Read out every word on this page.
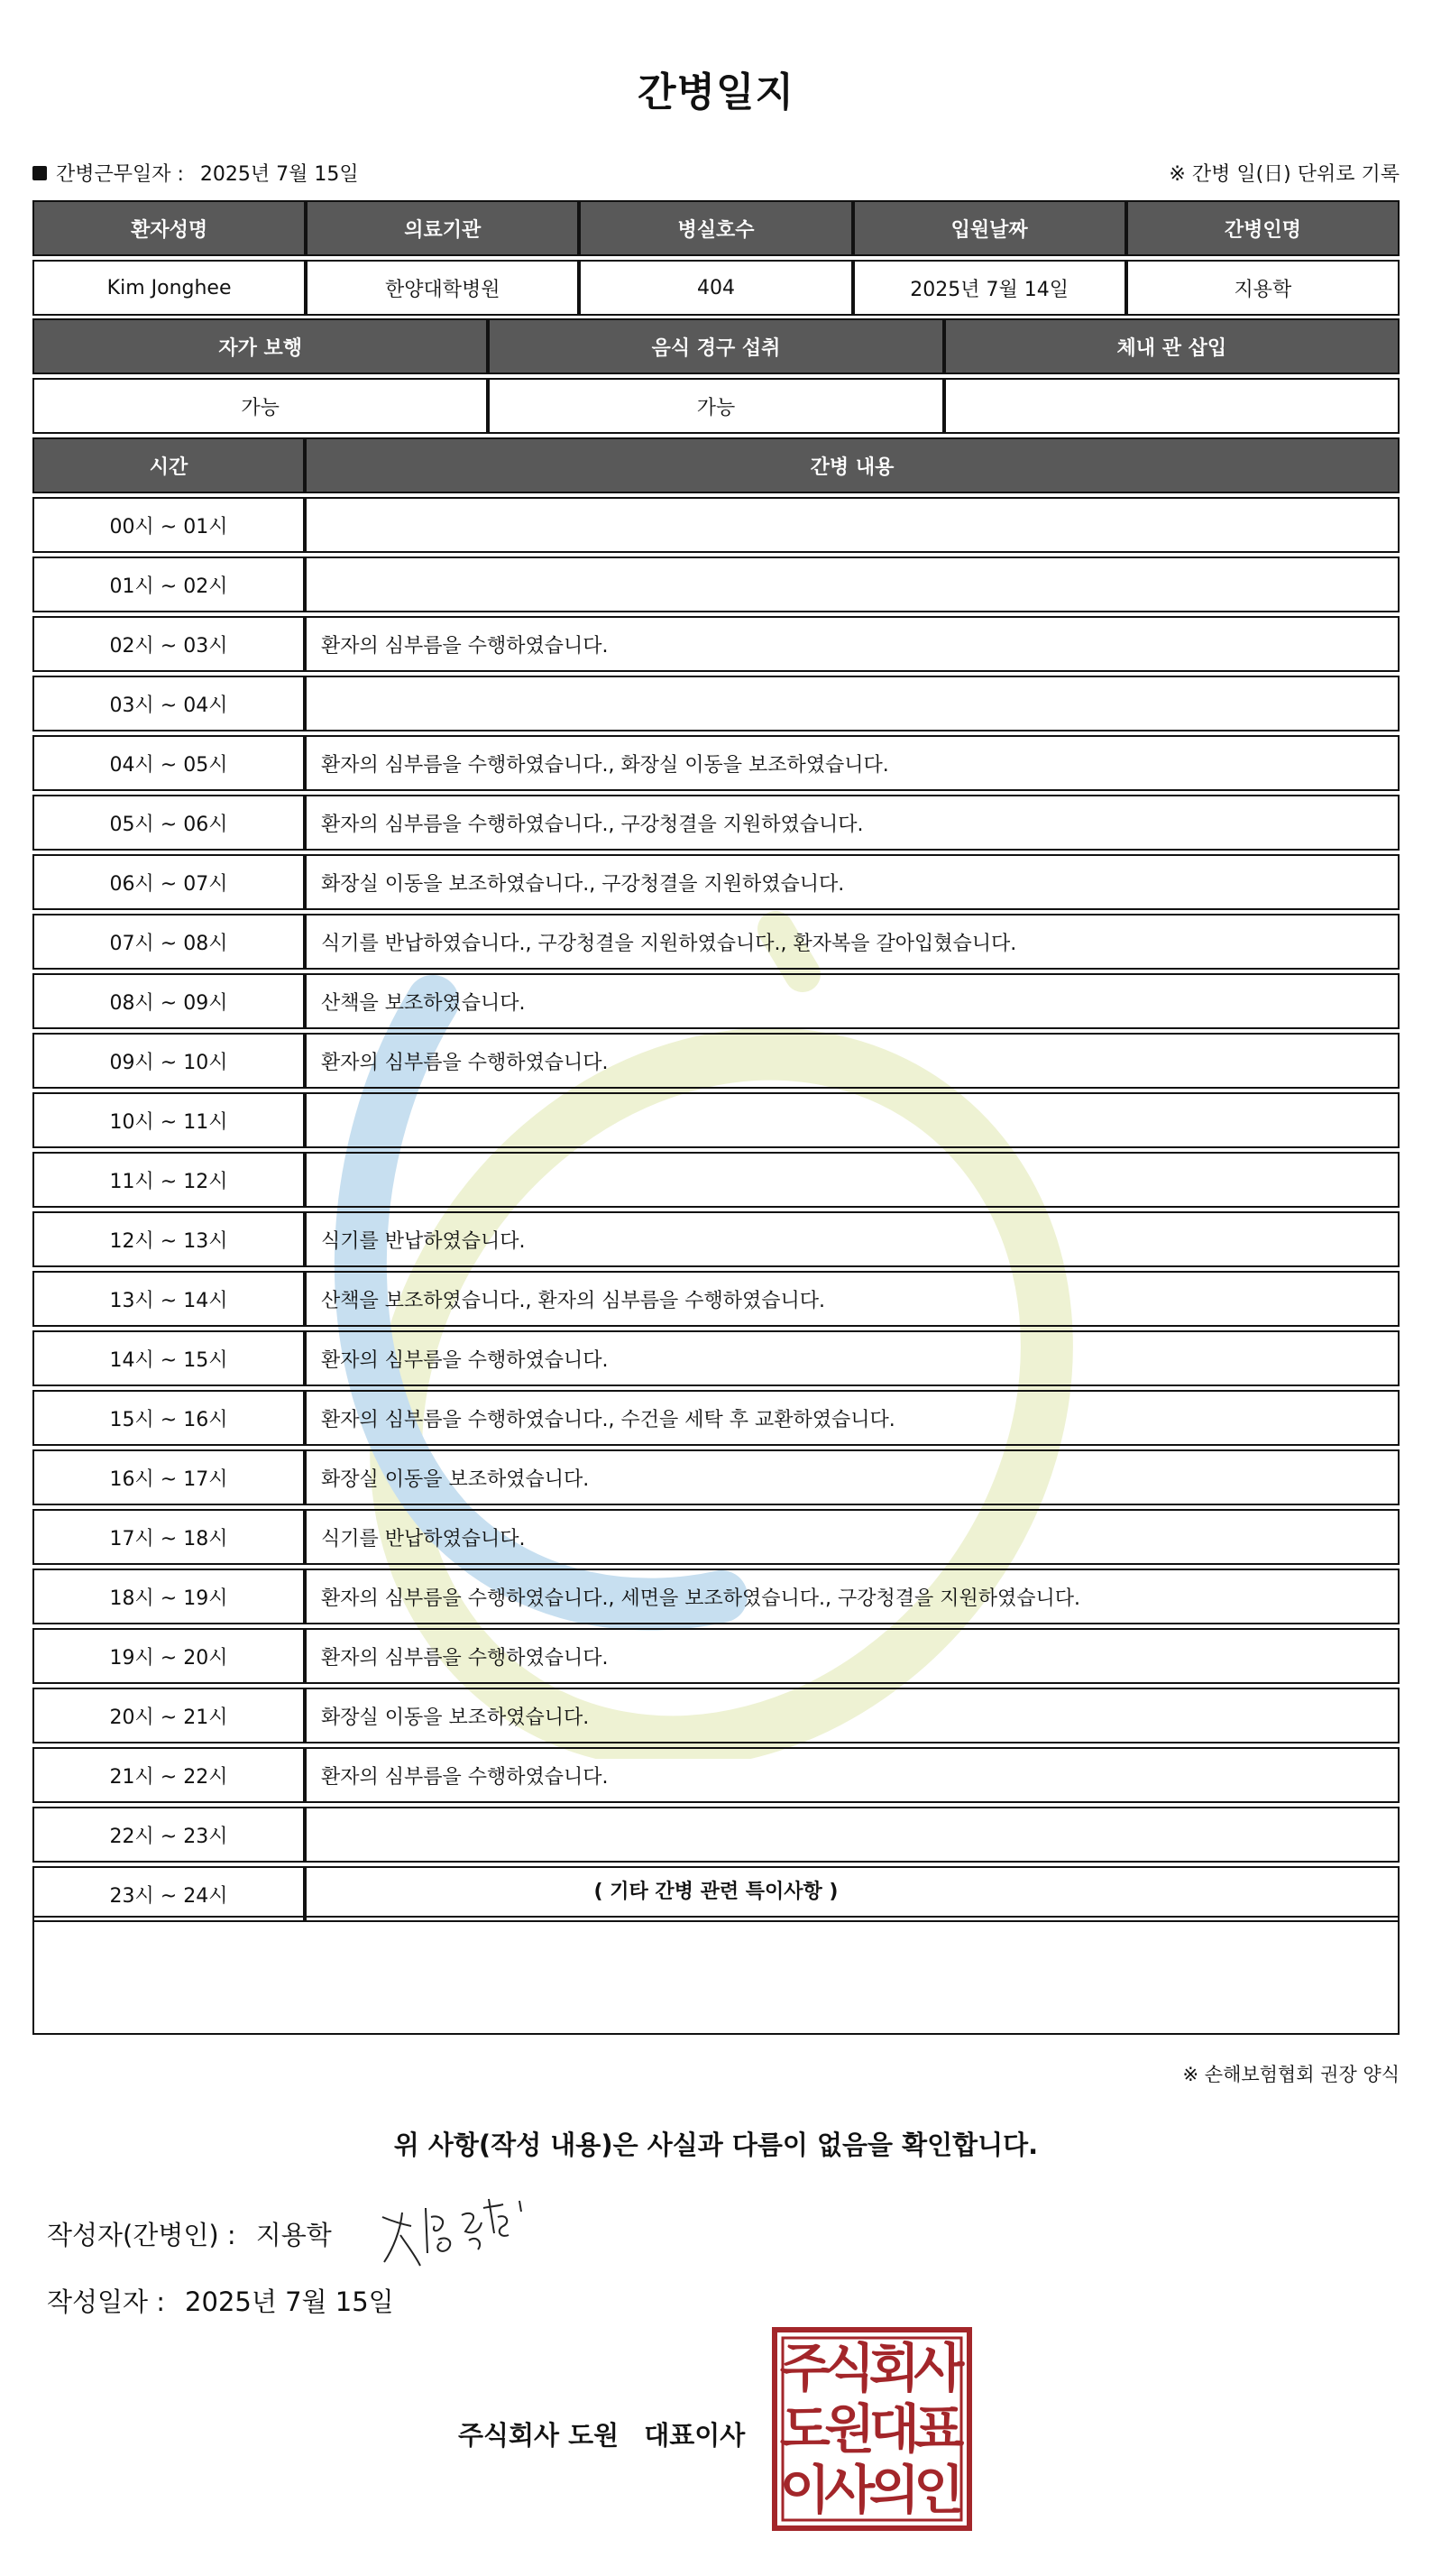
간병일지
간병근무일자 : 2025년 7월 15일	※ 간병 일(日) 단위로 기록
환자성명	의료기관	병실호수	입원날짜	간병인명
Kim Jonghee	한양대학병원	404	2025년 7월 14일	지용학
자가 보행	음식 경구 섭취	체내 관 삽입
가능	가능	
시간	간병 내용
00시 ~ 01시	
01시 ~ 02시	
02시 ~ 03시	환자의 심부름을 수행하였습니다.
03시 ~ 04시	
04시 ~ 05시	환자의 심부름을 수행하였습니다., 화장실 이동을 보조하였습니다.
05시 ~ 06시	환자의 심부름을 수행하였습니다., 구강청결을 지원하였습니다.
06시 ~ 07시	화장실 이동을 보조하였습니다., 구강청결을 지원하였습니다.
07시 ~ 08시	식기를 반납하였습니다., 구강청결을 지원하였습니다., 환자복을 갈아입혔습니다.
08시 ~ 09시	산책을 보조하였습니다.
09시 ~ 10시	환자의 심부름을 수행하였습니다.
10시 ~ 11시	
11시 ~ 12시	
12시 ~ 13시	식기를 반납하였습니다.
13시 ~ 14시	산책을 보조하였습니다., 환자의 심부름을 수행하였습니다.
14시 ~ 15시	환자의 심부름을 수행하였습니다.
15시 ~ 16시	환자의 심부름을 수행하였습니다., 수건을 세탁 후 교환하였습니다.
16시 ~ 17시	화장실 이동을 보조하였습니다.
17시 ~ 18시	식기를 반납하였습니다.
18시 ~ 19시	환자의 심부름을 수행하였습니다., 세면을 보조하였습니다., 구강청결을 지원하였습니다.
19시 ~ 20시	환자의 심부름을 수행하였습니다.
20시 ~ 21시	화장실 이동을 보조하였습니다.
21시 ~ 22시	환자의 심부름을 수행하였습니다.
22시 ~ 23시	
23시 ~ 24시		( 기타 간병 관련 특이사항 )
※ 손해보험협회 권장 양식
위 사항(작성 내용)은 사실과 다름이 없음을 확인합니다.
작성자(간병인) : 지용학
작성일자 : 2025년 7월 15일
주식회사 도원 대표이사
주
식
회
사
도
원
대
표
이
사
의
인
